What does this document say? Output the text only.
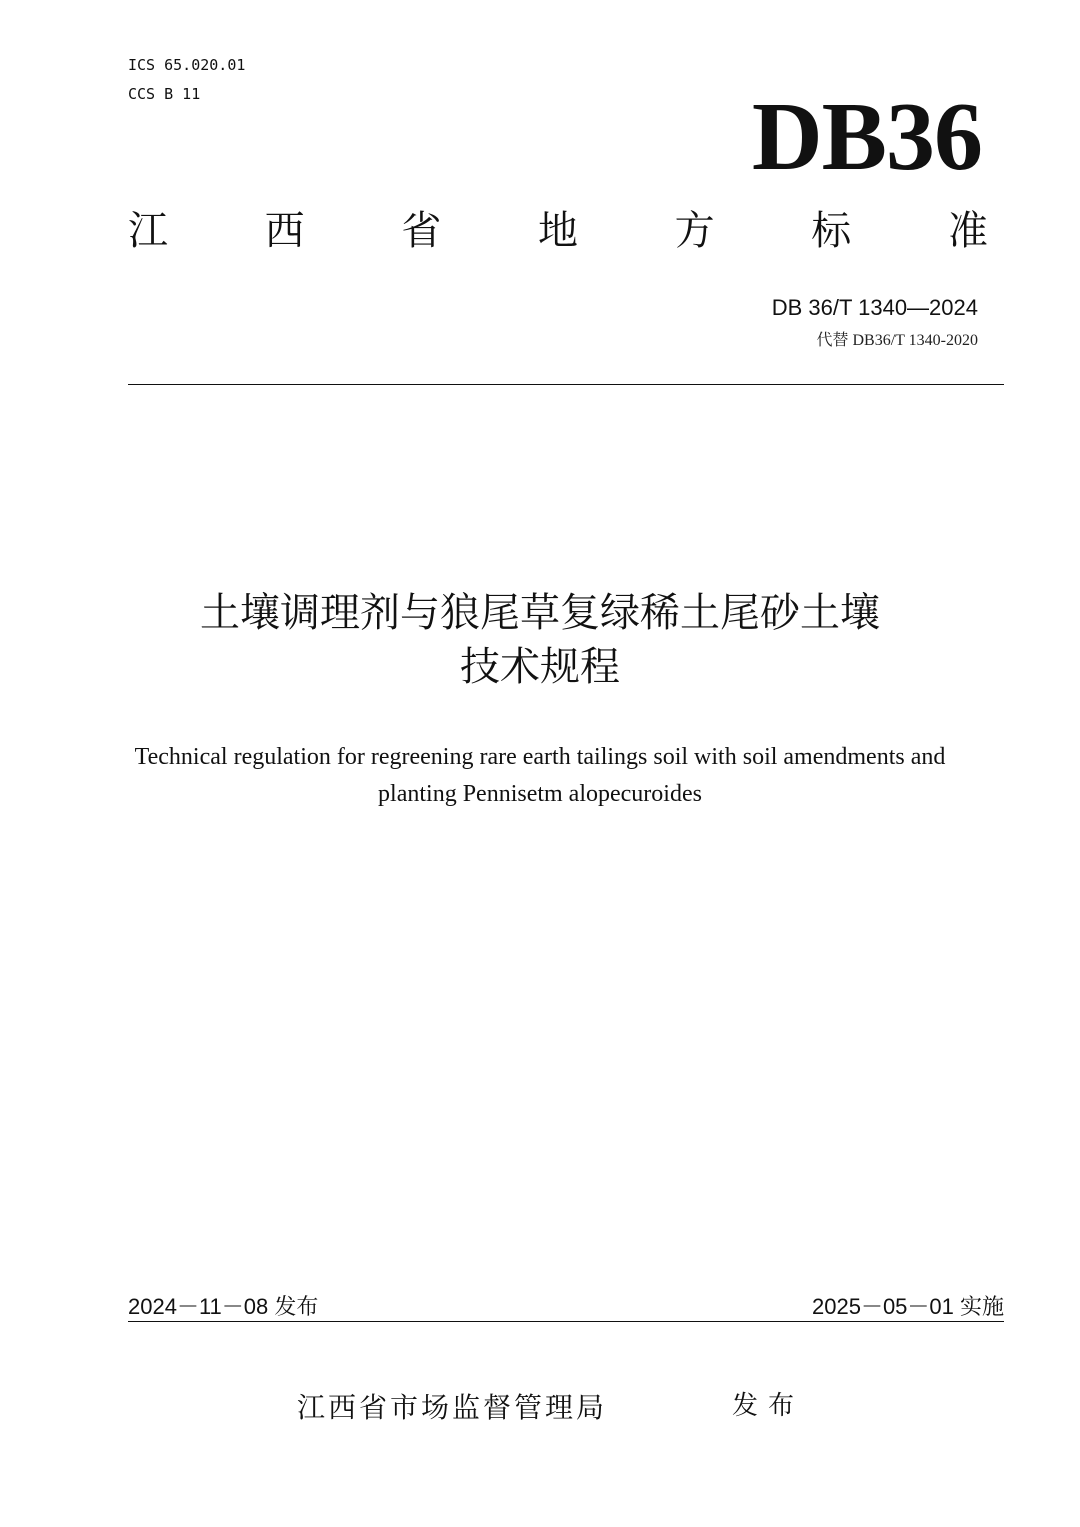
ICS 65.020.01
CCS B 11	DB36
江 西 省 地 方 标 准
DB 36/T 1340—2024
代替 DB36/T 1340-2020
土壤调理剂与狼尾草复绿稀土尾砂土壤
技术规程
Technical regulation for regreening rare earth tailings soil with soil amendments and
planting Pennisetm alopecuroides
2024－11－08 发布	2025－05－01 实施
江西省市场监督管理局	发布
